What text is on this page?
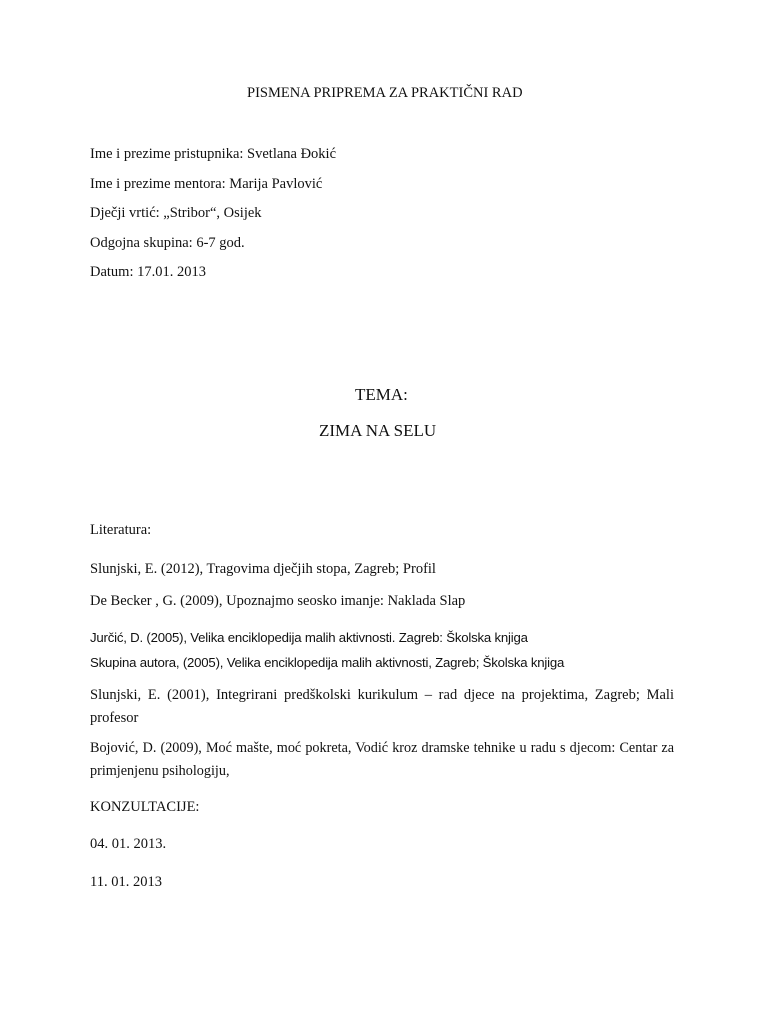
PISMENA PRIPREMA ZA PRAKTIČNI RAD
Ime i prezime pristupnika: Svetlana Đokić
Ime i prezime mentora: Marija Pavlović
Dječji vrtić: „Stribor“, Osijek
Odgojna skupina: 6-7 god.
Datum: 17.01. 2013
TEMA:
ZIMA NA SELU
Literatura:
Slunjski, E. (2012), Tragovima dječjih stopa, Zagreb; Profil
De Becker , G. (2009), Upoznajmo seosko imanje: Naklada Slap
Jurčić, D. (2005), Velika enciklopedija malih aktivnosti. Zagreb: Školska knjiga
Skupina autora, (2005), Velika enciklopedija malih aktivnosti, Zagreb; Školska knjiga
Slunjski, E. (2001), Integrirani predškolski kurikulum – rad djece na projektima, Zagreb; Mali profesor
Bojović, D. (2009), Moć mašte, moć pokreta, Vodić kroz dramske tehnike u radu s djecom: Centar za primjenjenu psihologiju,
KONZULTACIJE:
04. 01. 2013.
11. 01. 2013
